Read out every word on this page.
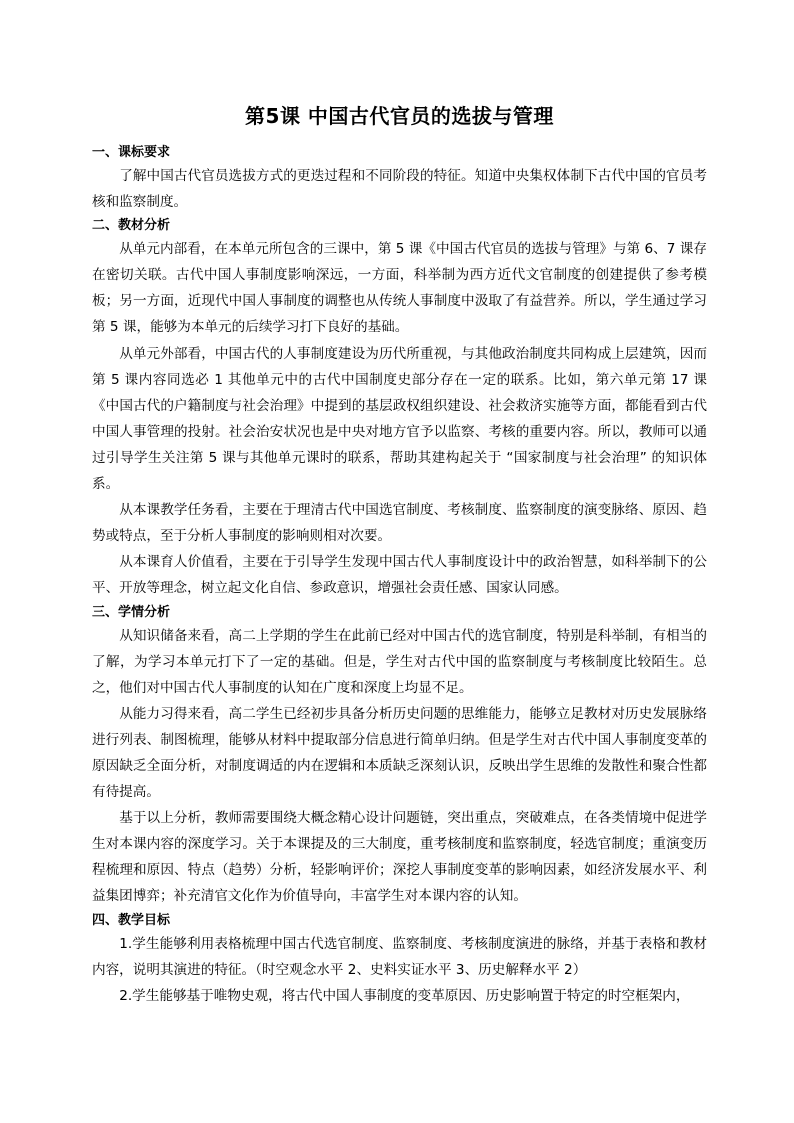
第5课 中国古代官员的选拔与管理
一、课标要求

了解中国古代官员选拔方式的更迭过程和不同阶段的特征。知道中央集权体制下古代中国的官员考核和监察制度。

二、教材分析

从单元内部看，在本单元所包含的三课中，第 5 课《中国古代官员的选拔与管理》与第 6、7 课存在密切关联。古代中国人事制度影响深远，一方面，科举制为西方近代文官制度的创建提供了参考模板；另一方面，近现代中国人事制度的调整也从传统人事制度中汲取了有益营养。所以，学生通过学习第 5 课，能够为本单元的后续学习打下良好的基础。

从单元外部看，中国古代的人事制度建设为历代所重视，与其他政治制度共同构成上层建筑，因而第 5 课内容同选必 1 其他单元中的古代中国制度史部分存在一定的联系。比如，第六单元第 17 课《中国古代的户籍制度与社会治理》中提到的基层政权组织建设、社会救济实施等方面，都能看到古代中国人事管理的投射。社会治安状况也是中央对地方官予以监察、考核的重要内容。所以，教师可以通过引导学生关注第 5 课与其他单元课时的联系，帮助其建构起关于 “国家制度与社会治理” 的知识体系。

从本课教学任务看，主要在于理清古代中国选官制度、考核制度、监察制度的演变脉络、原因、趋势或特点，至于分析人事制度的影响则相对次要。

从本课育人价值看，主要在于引导学生发现中国古代人事制度设计中的政治智慧，如科举制下的公平、开放等理念，树立起文化自信、参政意识，增强社会责任感、国家认同感。

三、学情分析

从知识储备来看，高二上学期的学生在此前已经对中国古代的选官制度，特别是科举制，有相当的了解，为学习本单元打下了一定的基础。但是，学生对古代中国的监察制度与考核制度比较陌生。总之，他们对中国古代人事制度的认知在广度和深度上均显不足。

从能力习得来看，高二学生已经初步具备分析历史问题的思维能力，能够立足教材对历史发展脉络进行列表、制图梳理，能够从材料中提取部分信息进行简单归纳。但是学生对古代中国人事制度变革的原因缺乏全面分析，对制度调适的内在逻辑和本质缺乏深刻认识，反映出学生思维的发散性和聚合性都有待提高。

基于以上分析，教师需要围绕大概念精心设计问题链，突出重点，突破难点，在各类情境中促进学生对本课内容的深度学习。关于本课提及的三大制度，重考核制度和监察制度，轻选官制度；重演变历程梳理和原因、特点（趋势）分析，轻影响评价；深挖人事制度变革的影响因素，如经济发展水平、利益集团博弈；补充清官文化作为价值导向，丰富学生对本课内容的认知。

四、教学目标

1.学生能够利用表格梳理中国古代选官制度、监察制度、考核制度演进的脉络，并基于表格和教材内容，说明其演进的特征。（时空观念水平 2、史料实证水平 3、历史解释水平 2）

2.学生能够基于唯物史观，将古代中国人事制度的变革原因、历史影响置于特定的时空框架内，
